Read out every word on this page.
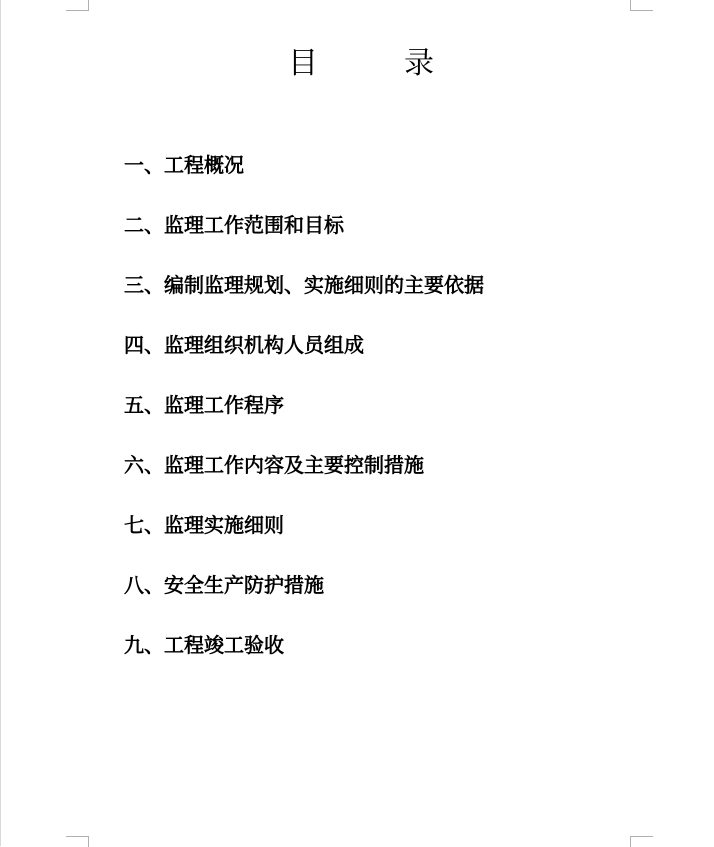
目	录
一、工程概况
二、监理工作范围和目标
三、编制监理规划、实施细则的主要依据
四、监理组织机构人员组成
五、监理工作程序
六、监理工作内容及主要控制措施
七、监理实施细则
八、安全生产防护措施
九、工程竣工验收
